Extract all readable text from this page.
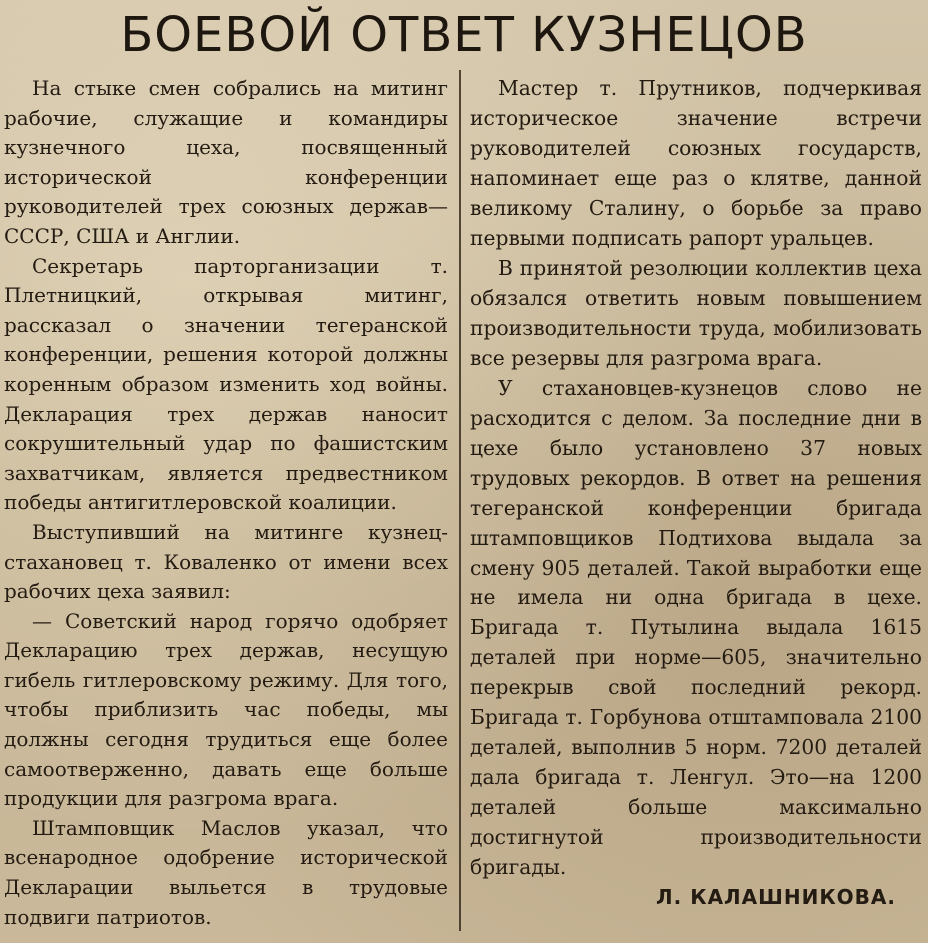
БОЕВОЙ ОТВЕТ КУЗНЕЦОВ

На стыке смен собрались на митинг рабочие, служащие и командиры кузнечного цеха, посвященный исторической конференции руководителей трех союзных держав—СССР, США и Англии.

Секретарь парторганизации т. Плетницкий, открывая митинг, рассказал о значении тегеранской конференции, решения которой должны коренным образом изменить ход войны. Декларация трех держав наносит сокрушительный удар по фашистским захватчикам, является предвестником победы антигитлеровской коалиции.

Выступивший на митинге кузнец-стахановец т. Коваленко от имени всех рабочих цеха заявил:

— Советский народ горячо одобряет Декларацию трех держав, несущую гибель гитлеровскому режиму. Для того, чтобы приблизить час победы, мы должны сегодня трудиться еще более самоотверженно, давать еще больше продукции для разгрома врага.

Штамповщик Маслов указал, что всенародное одобрение исторической Декларации выльется в трудовые подвиги патриотов.

Мастер т. Прутников, подчеркивая историческое значение встречи руководителей союзных государств, напоминает еще раз о клятве, данной великому Сталину, о борьбе за право первыми подписать рапорт уральцев.

В принятой резолюции коллектив цеха обязался ответить новым повышением производительности труда, мобилизовать все резервы для разгрома врага.

У стахановцев-кузнецов слово не расходится с делом. За последние дни в цехе было установлено 37 новых трудовых рекордов. В ответ на решения тегеранской конференции бригада штамповщиков Подтихова выдала за смену 905 деталей. Такой выработки еще не имела ни одна бригада в цехе. Бригада т. Путылина выдала 1615 деталей при норме—605, значительно перекрыв свой последний рекорд. Бригада т. Горбунова отштамповала 2100 деталей, выполнив 5 норм. 7200 деталей дала бригада т. Ленгул. Это—на 1200 деталей больше максимально достигнутой производительности бригады.

Л. КАЛАШНИКОВА.
